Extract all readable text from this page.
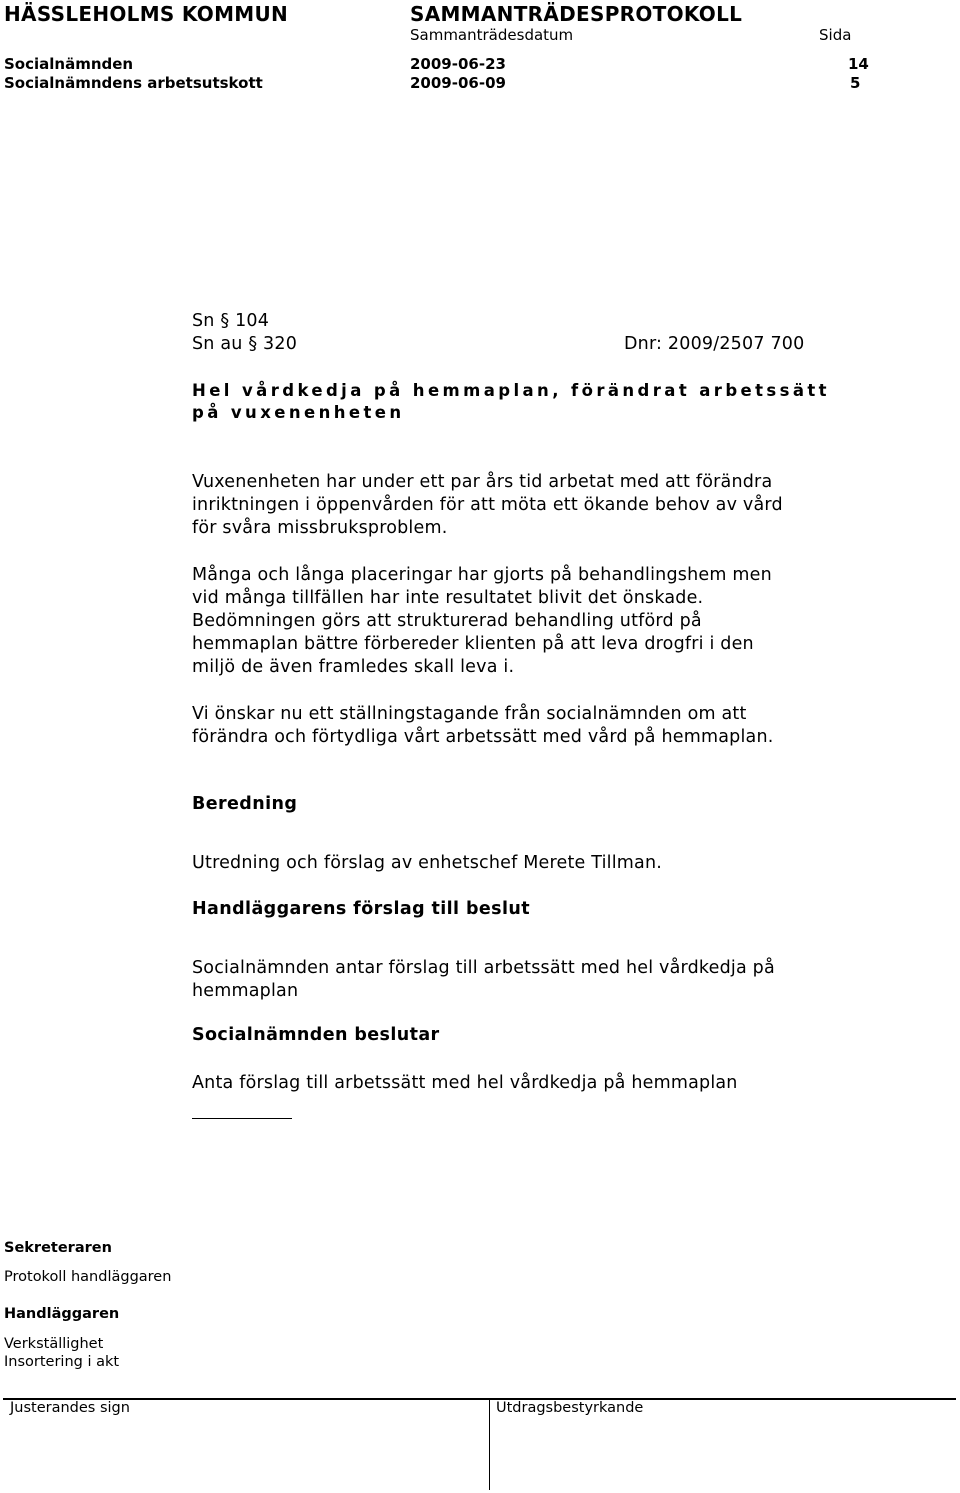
HÄSSLEHOLMS KOMMUN	SAMMANTRÄDESPROTOKOLL
Sammanträdesdatum	Sida
Socialnämnden	2009-06-23	14
Socialnämndens arbetsutskott	2009-06-09	5
Sn § 104
Sn au § 320	Dnr: 2009/2507 700
Hel vårdkedja på hemmaplan, förändrat arbetssätt
på vuxenenheten
Vuxenenheten har under ett par års tid arbetat med att förändra
inriktningen i öppenvården för att möta ett ökande behov av vård
för svåra missbruksproblem.
Många och långa placeringar har gjorts på behandlingshem men
vid många tillfällen har inte resultatet blivit det önskade.
Bedömningen görs att strukturerad behandling utförd på
hemmaplan bättre förbereder klienten på att leva drogfri i den
miljö de även framledes skall leva i.
Vi önskar nu ett ställningstagande från socialnämnden om att
förändra och förtydliga vårt arbetssätt med vård på hemmaplan.
Beredning
Utredning och förslag av enhetschef Merete Tillman.
Handläggarens förslag till beslut
Socialnämnden antar förslag till arbetssätt med hel vårdkedja på
hemmaplan
Socialnämnden beslutar
Anta förslag till arbetssätt med hel vårdkedja på hemmaplan
Sekreteraren
Protokoll handläggaren
Handläggaren
Verkställighet
Insortering i akt
Justerandes sign	Utdragsbestyrkande
